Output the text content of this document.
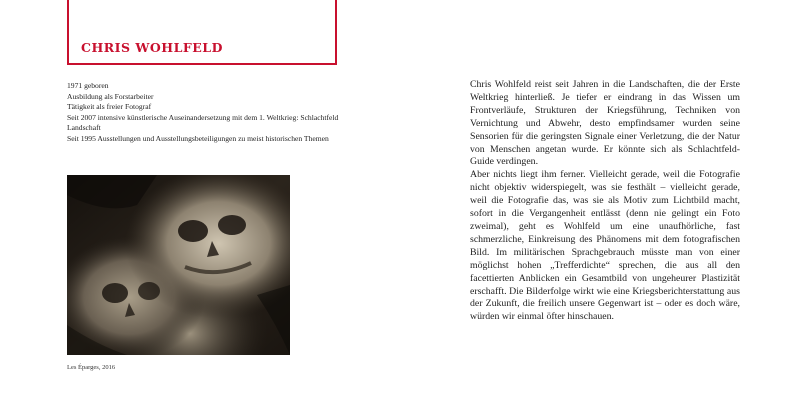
CHRIS WOHLFELD
1971 geboren
Ausbildung als Forstarbeiter
Tätigkeit als freier Fotograf
Seit 2007 intensive künstlerische Auseinandersetzung mit dem 1. Weltkrieg: Schlachtfeld Landschaft
Seit 1995 Ausstellungen und Ausstellungsbeteiligungen zu meist historischen Themen
Les Éparges, 2016

Chris Wohlfeld reist seit Jahren in die Landschaften, die der Erste Weltkrieg hinterließ. Je tiefer er eindrang in das Wissen um Frontverläufe, Strukturen der Kriegsführung, Techniken von Vernichtung und Abwehr, desto empfindsamer wurden seine Sensorien für die geringsten Signale einer Verletzung, die der Natur von Menschen angetan wurde. Er könnte sich als Schlachtfeld-Guide verdingen.

Aber nichts liegt ihm ferner. Vielleicht gerade, weil die Fotografie nicht objektiv widerspiegelt, was sie festhält – vielleicht gerade, weil die Fotografie das, was sie als Motiv zum Lichtbild macht, sofort in die Vergangenheit entlässt (denn nie gelingt ein Foto zweimal), geht es Wohlfeld um eine unaufhörliche, fast schmerzliche, Einkreisung des Phänomens mit dem fotografischen Bild. Im militärischen Sprachgebrauch müsste man von einer möglichst hohen „Trefferdichte“ sprechen, die aus all den facettierten Anblicken ein Gesamtbild von ungeheurer Plastizität erschafft. Die Bilderfolge wirkt wie eine Kriegsberichterstattung aus der Zukunft, die freilich unsere Gegenwart ist – oder es doch wäre, würden wir einmal öfter hinschauen.
